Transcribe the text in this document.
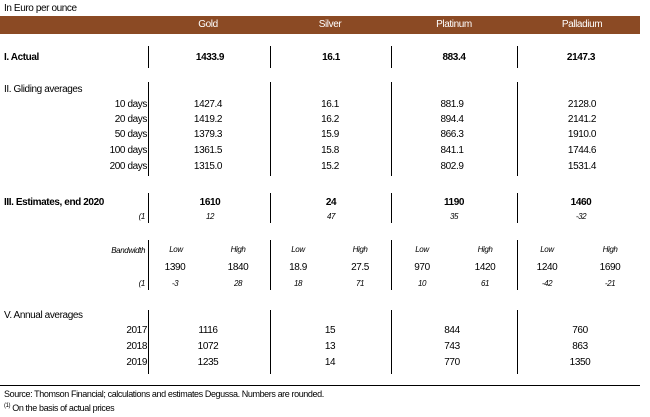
In Euro per ounce
Gold	Silver	Platinum	Palladium
I. Actual	1433.9	16.1	883.4	2147.3
II. Gliding averages
10 days	1427.4	16.1	881.9	2128.0
20 days	1419.2	16.2	894.4	2141.2
50 days	1379.3	15.9	866.3	1910.0
100 days	1361.5	15.8	841.1	1744.6
200 days	1315.0	15.2	802.9	1531.4
III. Estimates, end 2020	1610	24	1190	1460
(1	12	47	35	-32
Bandwidth	Low	High	Low	High	Low	High	Low	High
1390	1840	18.9	27.5	970	1420	1240	1690
(1	-3	28	18	71	10	61	-42	-21
V. Annual averages
2017	1116	15	844	760
2018	1072	13	743	863
2019	1235	14	770	1350
Source: Thomson Financial; calculations and estimates Degussa. Numbers are rounded.
$^{(1)}$ On the basis of actual prices
